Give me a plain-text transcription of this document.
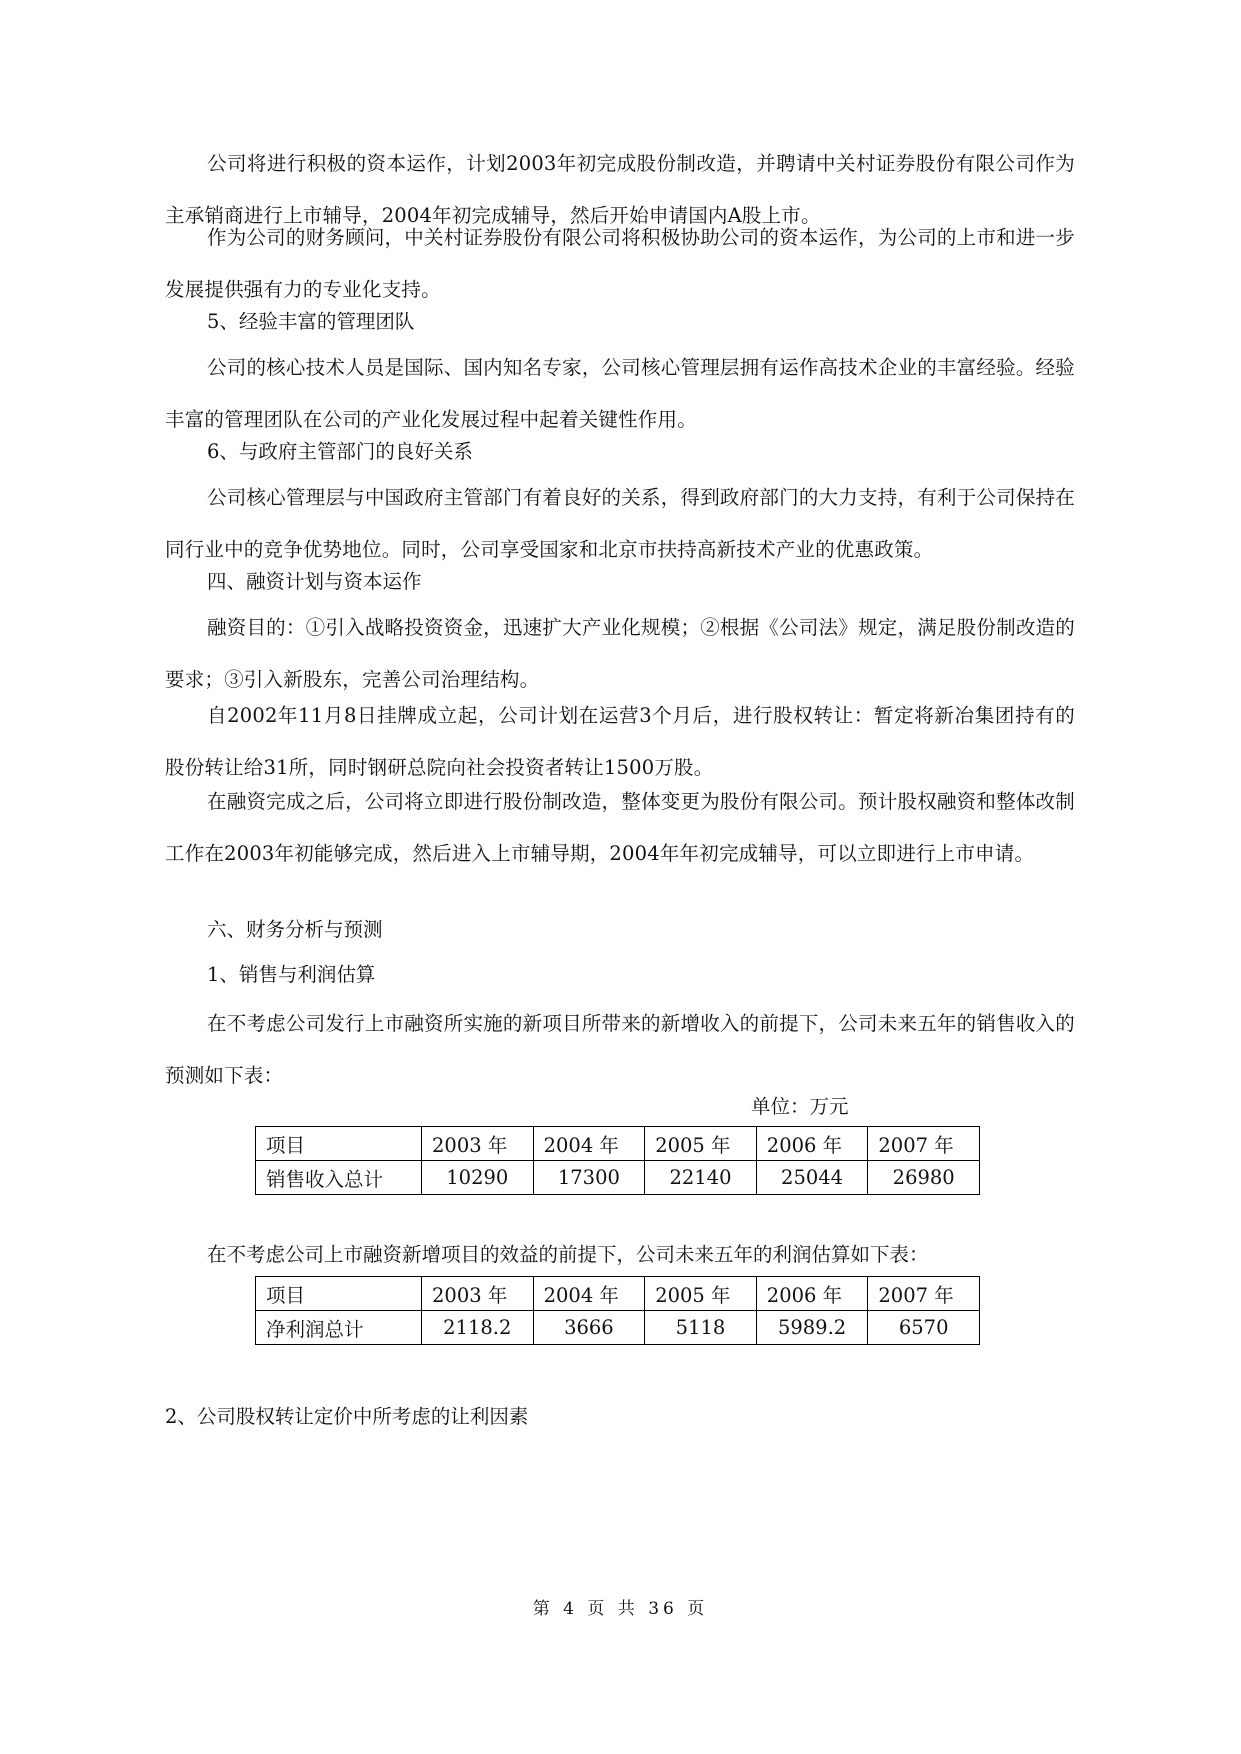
公司将进行积极的资本运作，计划2003年初完成股份制改造，并聘请中关村证券股份有限公司作为主承销商进行上市辅导，2004年初完成辅导，然后开始申请国内A股上市。
作为公司的财务顾问，中关村证券股份有限公司将积极协助公司的资本运作，为公司的上市和进一步发展提供强有力的专业化支持。
5、经验丰富的管理团队
公司的核心技术人员是国际、国内知名专家，公司核心管理层拥有运作高技术企业的丰富经验。经验丰富的管理团队在公司的产业化发展过程中起着关键性作用。
6、与政府主管部门的良好关系
公司核心管理层与中国政府主管部门有着良好的关系，得到政府部门的大力支持，有利于公司保持在同行业中的竞争优势地位。同时，公司享受国家和北京市扶持高新技术产业的优惠政策。
四、融资计划与资本运作
融资目的：①引入战略投资资金，迅速扩大产业化规模；②根据《公司法》规定，满足股份制改造的要求；③引入新股东，完善公司治理结构。
自2002年11月8日挂牌成立起，公司计划在运营3个月后，进行股权转让：暂定将新冶集团持有的股份转让给31所，同时钢研总院向社会投资者转让1500万股。
在融资完成之后，公司将立即进行股份制改造，整体变更为股份有限公司。预计股权融资和整体改制工作在2003年初能够完成，然后进入上市辅导期，2004年年初完成辅导，可以立即进行上市申请。
六、财务分析与预测
1、销售与利润估算
在不考虑公司发行上市融资所实施的新项目所带来的新增收入的前提下，公司未来五年的销售收入的预测如下表：
单位：万元
项目	2003 年	2004 年	2005 年	2006 年	2007 年
销售收入总计	10290	17300	22140	25044	26980
在不考虑公司上市融资新增项目的效益的前提下，公司未来五年的利润估算如下表：
项目	2003 年	2004 年	2005 年	2006 年	2007 年
净利润总计	2118.2	3666	5118	5989.2	6570
2、公司股权转让定价中所考虑的让利因素
第 4 页 共 36 页
